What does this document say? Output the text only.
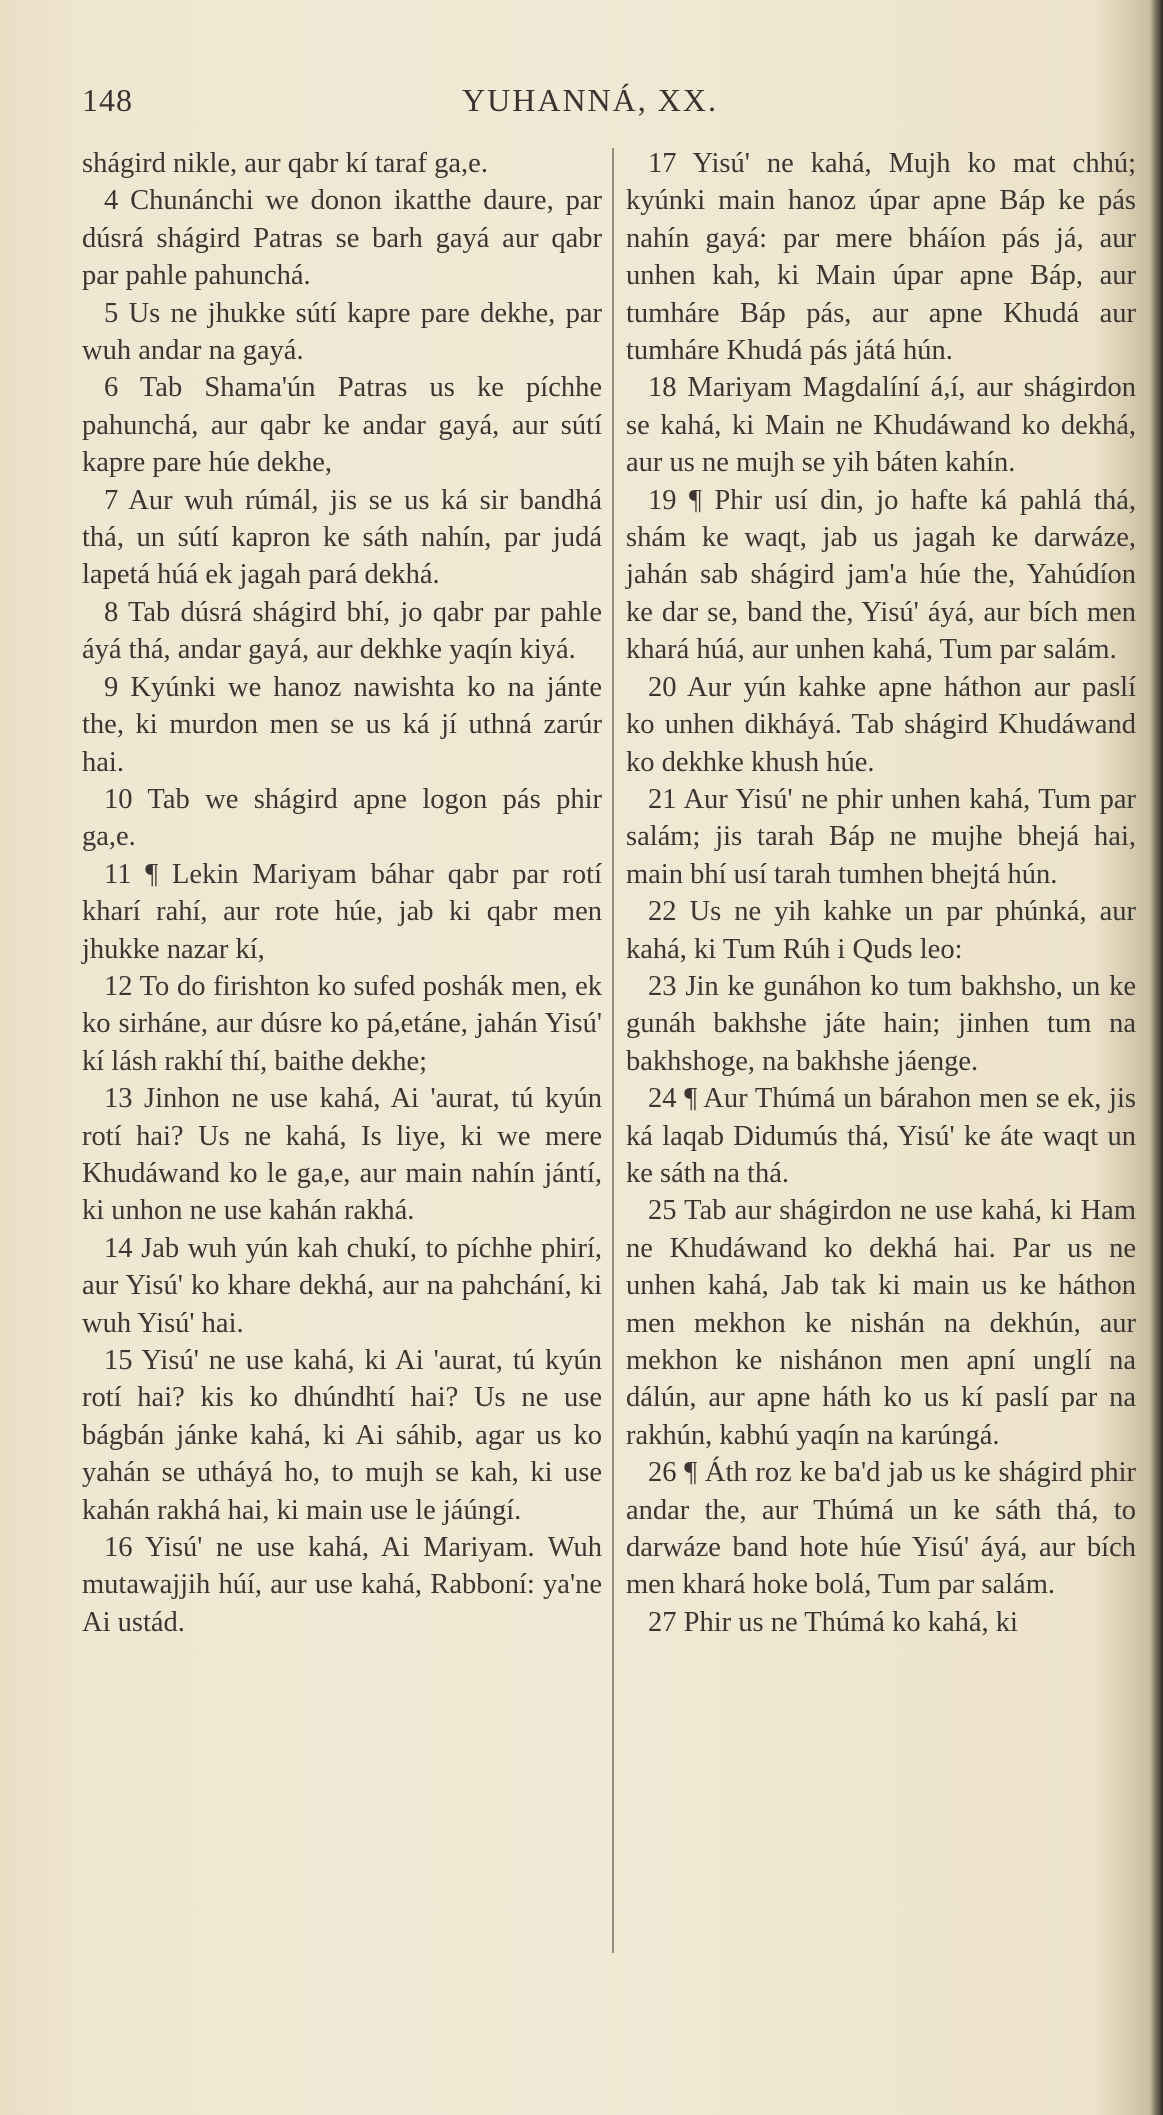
148	YUHANNÁ, XX.

shágird nikle, aur qabr kí taraf ga,e.

4 Chunánchi we donon ikatthe daure, par dúsrá shágird Patras se barh gayá aur qabr par pahle pahunchá.

5 Us ne jhukke sútí kapre pare dekhe, par wuh andar na gayá.

6 Tab Shama'ún Patras us ke píchhe pahunchá, aur qabr ke andar gayá, aur sútí kapre pare húe dekhe,

7 Aur wuh rúmál, jis se us ká sir bandhá thá, un sútí kapron ke sáth nahín, par judá lapetá húá ek jagah pará dekhá.

8 Tab dúsrá shágird bhí, jo qabr par pahle áyá thá, andar gayá, aur dekhke yaqín kiyá.

9 Kyúnki we hanoz nawishta ko na jánte the, ki murdon men se us ká jí uthná zarúr hai.

10 Tab we shágird apne logon pás phir ga,e.

11 ¶ Lekin Mariyam báhar qabr par rotí kharí rahí, aur rote húe, jab ki qabr men jhukke nazar kí,

12 To do firishton ko sufed poshák men, ek ko sirháne, aur dúsre ko pá,etáne, jahán Yisú' kí lásh rakhí thí, baithe dekhe;

13 Jinhon ne use kahá, Ai 'aurat, tú kyún rotí hai? Us ne kahá, Is liye, ki we mere Khudáwand ko le ga,e, aur main nahín jántí, ki unhon ne use kahán rakhá.

14 Jab wuh yún kah chukí, to píchhe phirí, aur Yisú' ko khare dekhá, aur na pahchání, ki wuh Yisú' hai.

15 Yisú' ne use kahá, ki Ai 'aurat, tú kyún rotí hai? kis ko dhúndhtí hai? Us ne use bágbán jánke kahá, ki Ai sáhib, agar us ko yahán se utháyá ho, to mujh se kah, ki use kahán rakhá hai, ki main use le jáúngí.

16 Yisú' ne use kahá, Ai Mariyam. Wuh mutawajjih húí, aur use kahá, Rabboní: ya'ne Ai ustád.

17 Yisú' ne kahá, Mujh ko mat chhú; kyúnki main hanoz úpar apne Báp ke pás nahín gayá: par mere bháíon pás já, aur unhen kah, ki Main úpar apne Báp, aur tumháre Báp pás, aur apne Khudá aur tumháre Khudá pás játá hún.

18 Mariyam Magdalíní á,í, aur shágirdon se kahá, ki Main ne Khudáwand ko dekhá, aur us ne mujh se yih báten kahín.

19 ¶ Phir usí din, jo hafte ká pahlá thá, shám ke waqt, jab us jagah ke darwáze, jahán sab shágird jam'a húe the, Yahúdíon ke dar se, band the, Yisú' áyá, aur bích men khará húá, aur unhen kahá, Tum par salám.

20 Aur yún kahke apne háthon aur paslí ko unhen dikháyá. Tab shágird Khudáwand ko dekhke khush húe.

21 Aur Yisú' ne phir unhen kahá, Tum par salám; jis tarah Báp ne mujhe bhejá hai, main bhí usí tarah tumhen bhejtá hún.

22 Us ne yih kahke un par phúnká, aur kahá, ki Tum Rúh i Quds leo:

23 Jin ke gunáhon ko tum bakhsho, un ke gunáh bakhshe játe hain; jinhen tum na bakhshoge, na bakhshe jáenge.

24 ¶ Aur Thúmá un bárahon men se ek, jis ká laqab Didumús thá, Yisú' ke áte waqt un ke sáth na thá.

25 Tab aur shágirdon ne use kahá, ki Ham ne Khudáwand ko dekhá hai. Par us ne unhen kahá, Jab tak ki main us ke háthon men mekhon ke nishán na dekhún, aur mekhon ke nishánon men apní unglí na dálún, aur apne háth ko us kí paslí par na rakhún, kabhú yaqín na karúngá.

26 ¶ Áth roz ke ba'd jab us ke shágird phir andar the, aur Thúmá un ke sáth thá, to darwáze band hote húe Yisú' áyá, aur bích men khará hoke bolá, Tum par salám.

27 Phir us ne Thúmá ko kahá, ki
